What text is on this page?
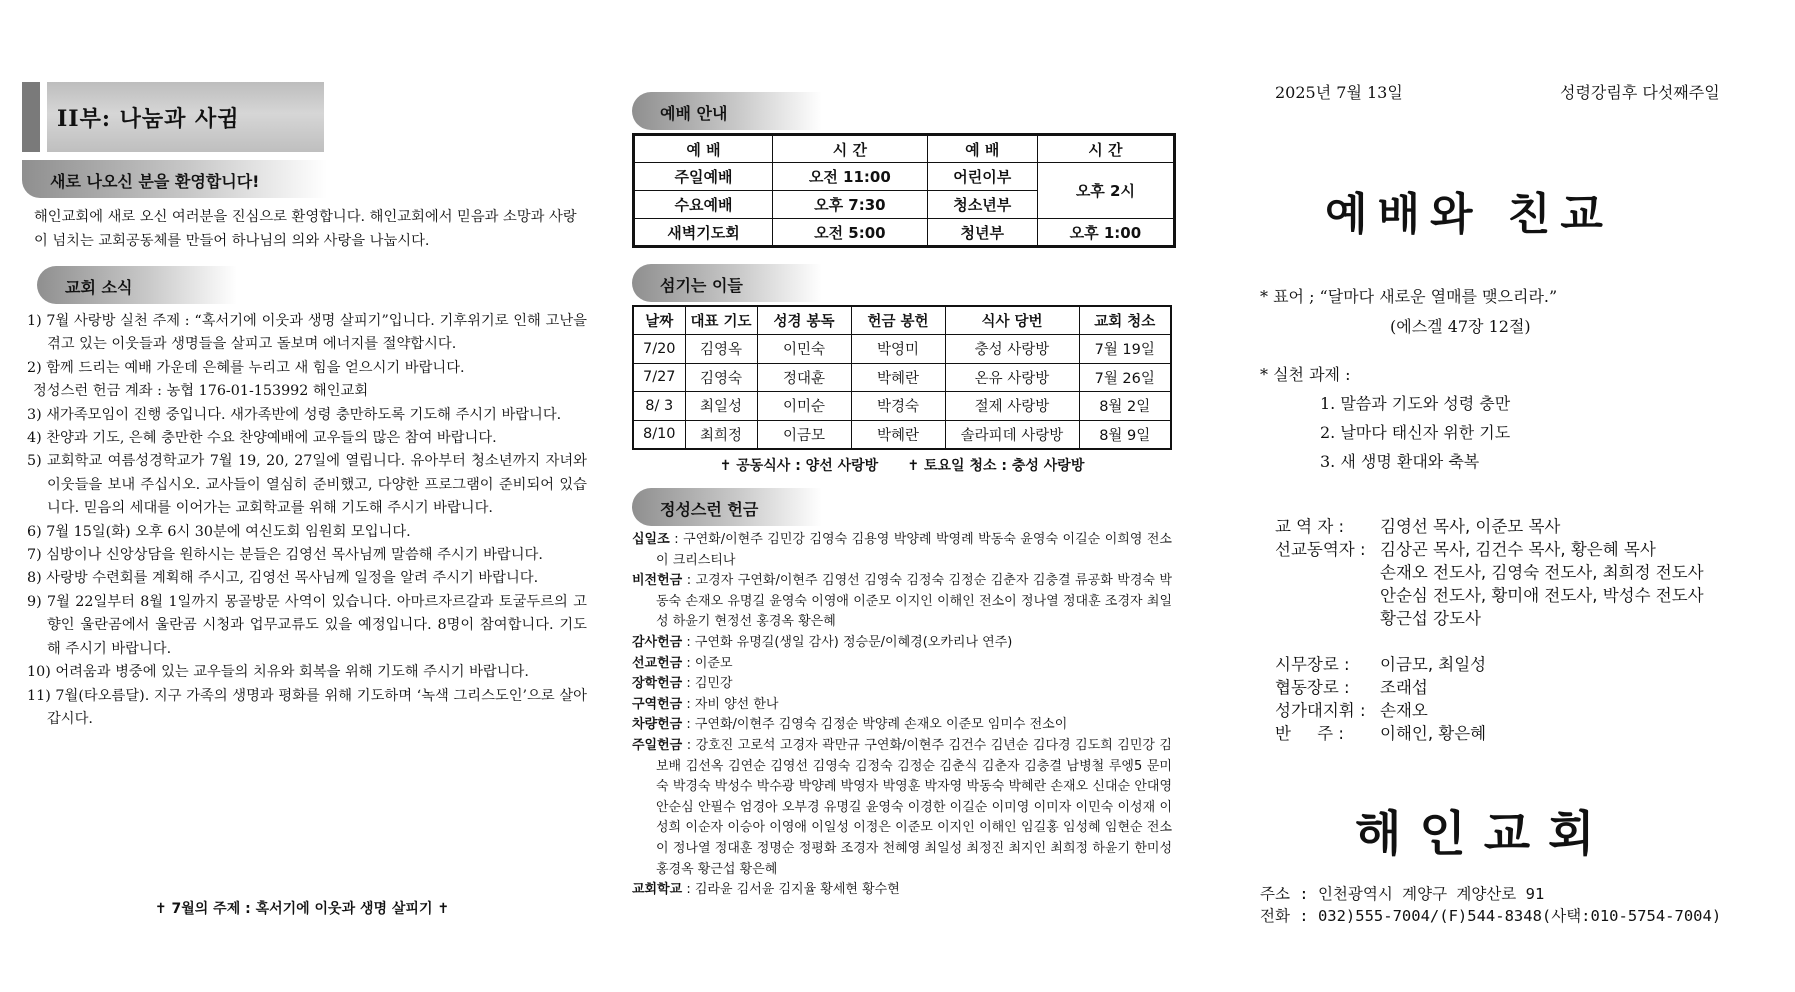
II부: 나눔과 사귐
새로 나오신 분을 환영합니다!
해인교회에 새로 오신 여러분을 진심으로 환영합니다. 해인교회에서 믿음과 소망과 사랑이 넘치는 교회공동체를 만들어 하나님의 의와 사랑을 나눕시다.
교회 소식
1) 7월 사랑방 실천 주제 : “혹서기에 이웃과 생명 살피기”입니다. 기후위기로 인해 고난을 겪고 있는 이웃들과 생명들을 살피고 돌보며 에너지를 절약합시다.
2) 함께 드리는 예배 가운데 은혜를 누리고 새 힘을 얻으시기 바랍니다.
정성스런 헌금 계좌 : 농협 176-01-153992 해인교회
3) 새가족모임이 진행 중입니다. 새가족반에 성령 충만하도록 기도해 주시기 바랍니다.
4) 찬양과 기도, 은혜 충만한 수요 찬양예배에 교우들의 많은 참여 바랍니다.
5) 교회학교 여름성경학교가 7월 19, 20, 27일에 열립니다. 유아부터 청소년까지 자녀와 이웃들을 보내 주십시오. 교사들이 열심히 준비했고, 다양한 프로그램이 준비되어 있습니다. 믿음의 세대를 이어가는 교회학교를 위해 기도해 주시기 바랍니다.
6) 7월 15일(화) 오후 6시 30분에 여신도회 임원회 모입니다.
7) 심방이나 신앙상담을 원하시는 분들은 김영선 목사님께 말씀해 주시기 바랍니다.
8) 사랑방 수련회를 계획해 주시고, 김영선 목사님께 일정을 알려 주시기 바랍니다.
9) 7월 22일부터 8월 1일까지 몽골방문 사역이 있습니다. 아마르자르갈과 토굴두르의 고향인 울란곰에서 울란곰 시청과 업무교류도 있을 예정입니다. 8명이 참여합니다. 기도해 주시기 바랍니다.
10) 어려움과 병중에 있는 교우들의 치유와 회복을 위해 기도해 주시기 바랍니다.
11) 7월(타오름달). 지구 가족의 생명과 평화를 위해 기도하며 ‘녹색 그리스도인’으로 살아갑시다.
✝ 7월의 주제 : 혹서기에 이웃과 생명 살피기 ✝
예배 안내
예 배	시 간	예 배	시 간
주일예배	오전 11:00	어린이부	오후 2시
수요예배	오후 7:30	청소년부	
새벽기도회	오전 5:00	청년부	오후 1:00
섬기는 이들
날짜	대표 기도	성경 봉독	헌금 봉헌	식사 당번	교회 청소
7/20	김영옥	이민숙	박영미	충성 사랑방	7월 19일
7/27	김영숙	정대훈	박혜란	온유 사랑방	7월 26일
8/ 3	최일성	이미순	박경숙	절제 사랑방	8월 2일
8/10	최희정	이금모	박혜란	솔라피데 사랑방	8월 9일
✝ 공동식사 : 양선 사랑방      ✝ 토요일 청소 : 충성 사랑방
정성스런 헌금
십일조 : 구연화/이현주 김민강 김영숙 김용영 박양례 박영례 박동숙 윤영숙 이길순 이희영 전소이 크리스티나
비전헌금 : 고경자 구연화/이현주 김영선 김영숙 김정숙 김정순 김춘자 김충결 류공화 박경숙 박동숙 손재오 유명길 윤영숙 이영애 이준모 이지인 이해인 전소이 정나열 정대훈 조경자 최일성 하윤기 현정선 홍경옥 황은혜
감사헌금 : 구연화 유명길(생일 감사) 정승문/이혜경(오카리나 연주)
선교헌금 : 이준모
장학헌금 : 김민강
구역헌금 : 자비 양선 한나
차량헌금 : 구연화/이현주 김영숙 김정순 박양례 손재오 이준모 임미수 전소이
주일헌금 : 강호진 고로석 고경자 곽만규 구연화/이현주 김건수 김년순 김다경 김도희 김민강 김보배 김선옥 김연순 김영선 김영숙 김정숙 김정순 김춘식 김춘자 김충결 남병철 루엥5 문미숙 박경숙 박성수 박수광 박양례 박영자 박영훈 박자영 박동숙 박혜란 손재오 신대순 안대영 안순심 안필수 엄경아 오부경 유명길 윤영숙 이경한 이길순 이미영 이미자 이민숙 이성재 이성희 이순자 이승아 이영애 이일성 이정은 이준모 이지인 이해인 임길홍 임성혜 임현순 전소이 정나열 정대훈 정명순 정평화 조경자 천혜영 최일성 최정진 최지인 최희정 하윤기 한미성 홍경옥 황근섭 황은혜
교회학교 : 김라윤 김서윤 김지율 황세현 황수현
2025년 7월 13일	성령강림후 다섯째주일
예배와 친교
* 표어 ; “달마다 새로운 열매를 맺으리라.”
(에스겔 47장 12절)
* 실천 과제 :
1. 말씀과 기도와 성령 충만
2. 날마다 태신자 위한 기도
3. 새 생명 환대와 축복
교 역 자 : 김영선 목사, 이준모 목사
선교동역자 : 김상곤 목사, 김건수 목사, 황은혜 목사
손재오 전도사, 김영숙 전도사, 최희정 전도사
안순심 전도사, 황미애 전도사, 박성수 전도사
황근섭 강도사
시무장로 : 이금모, 최일성
협동장로 : 조래섭
성가대지휘 : 손재오
반     주 : 이해인, 황은혜
해인교회
주소 : 인천광역시 계양구 계양산로 91
전화 : 032)555-7004/(F)544-8348(사택:010-5754-7004)
